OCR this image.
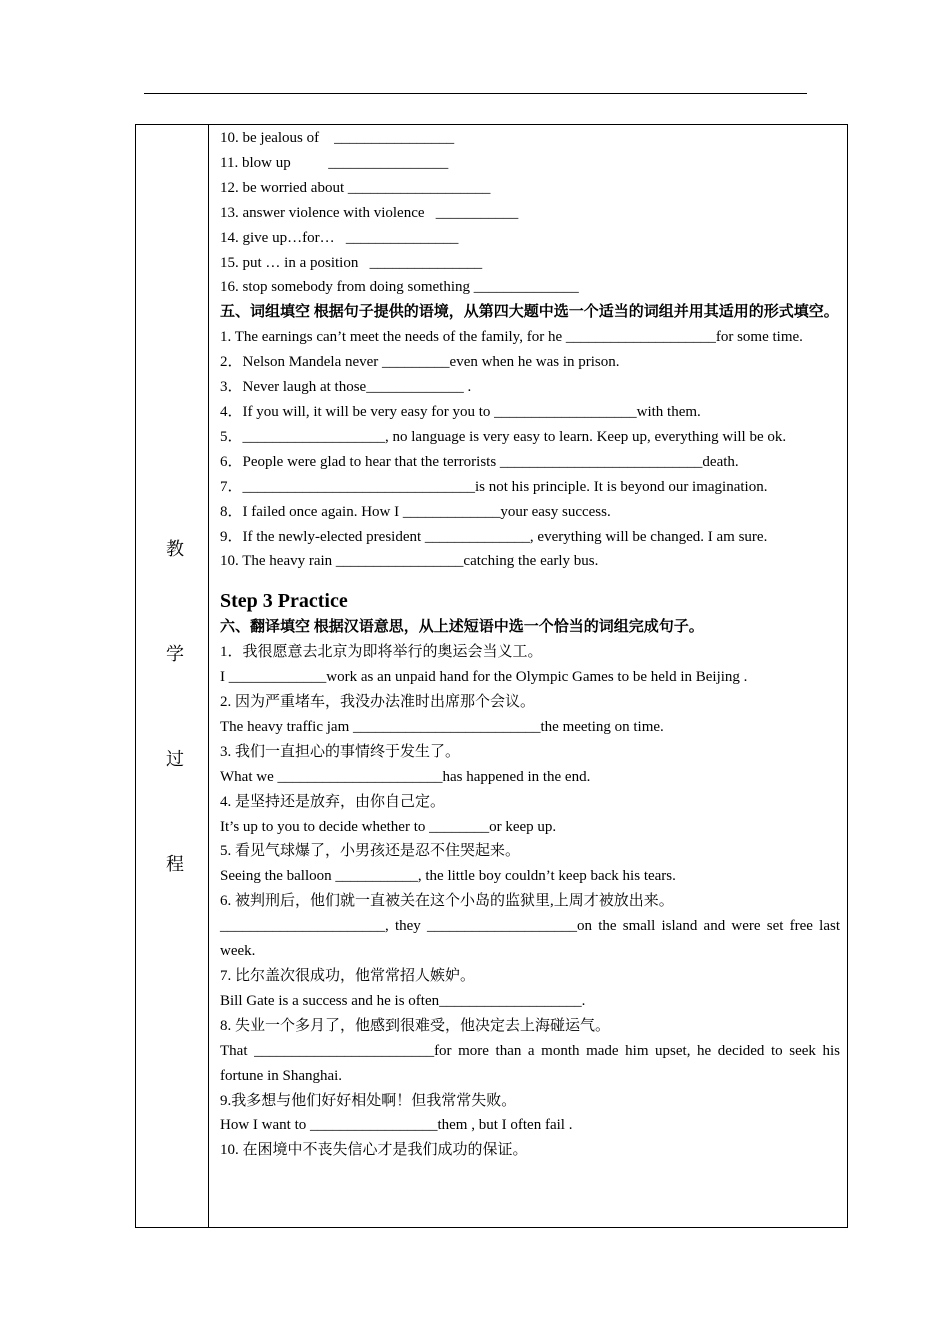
教
学
过
程
10. be jealous of    ________________
11. blow up          ________________
12. be worried about ___________________
13. answer violence with violence   ___________
14. give up…for…   _______________
15. put … in a position   _______________
16. stop somebody from doing something ______________
五、词组填空 根据句子提供的语境，从第四大题中选一个适当的词组并用其适用的形式填空。
1. The earnings can’t meet the needs of the family, for he ____________________for some time.
2．Nelson Mandela never _________even when he was in prison.
3．Never laugh at those_____________ .
4．If you will, it will be very easy for you to ___________________with them.
5．___________________, no language is very easy to learn. Keep up, everything will be ok.
6．People were glad to hear that the terrorists ___________________________death.
7．_______________________________is not his principle. It is beyond our imagination.
8．I failed once again. How I _____________your easy success.
9．If the newly-elected president ______________, everything will be changed. I am sure.
10. The heavy rain _________________catching the early bus.
Step 3 Practice
六、翻译填空 根据汉语意思，从上述短语中选一个恰当的词组完成句子。
1．我很愿意去北京为即将举行的奥运会当义工。
I _____________work as an unpaid hand for the Olympic Games to be held in Beijing .
2. 因为严重堵车，我没办法准时出席那个会议。
The heavy traffic jam _________________________the meeting on time.
3. 我们一直担心的事情终于发生了。
What we ______________________has happened in the end.
4. 是坚持还是放弃，由你自己定。
It’s up to you to decide whether to ________or keep up.
5. 看见气球爆了，小男孩还是忍不住哭起来。
Seeing the balloon ___________, the little boy couldn’t keep back his tears.
6. 被判刑后，他们就一直被关在这个小岛的监狱里,上周才被放出来。
______________________, they ____________________on the small island and were set free last week.
7. 比尔盖次很成功，他常常招人嫉妒。
Bill Gate is a success and he is often___________________.
8. 失业一个多月了，他感到很难受，他决定去上海碰运气。
That ________________________for more than a month made him upset, he decided to seek his fortune in Shanghai.
9.我多想与他们好好相处啊！但我常常失败。
How I want to _________________them , but I often fail .
10. 在困境中不丧失信心才是我们成功的保证。
